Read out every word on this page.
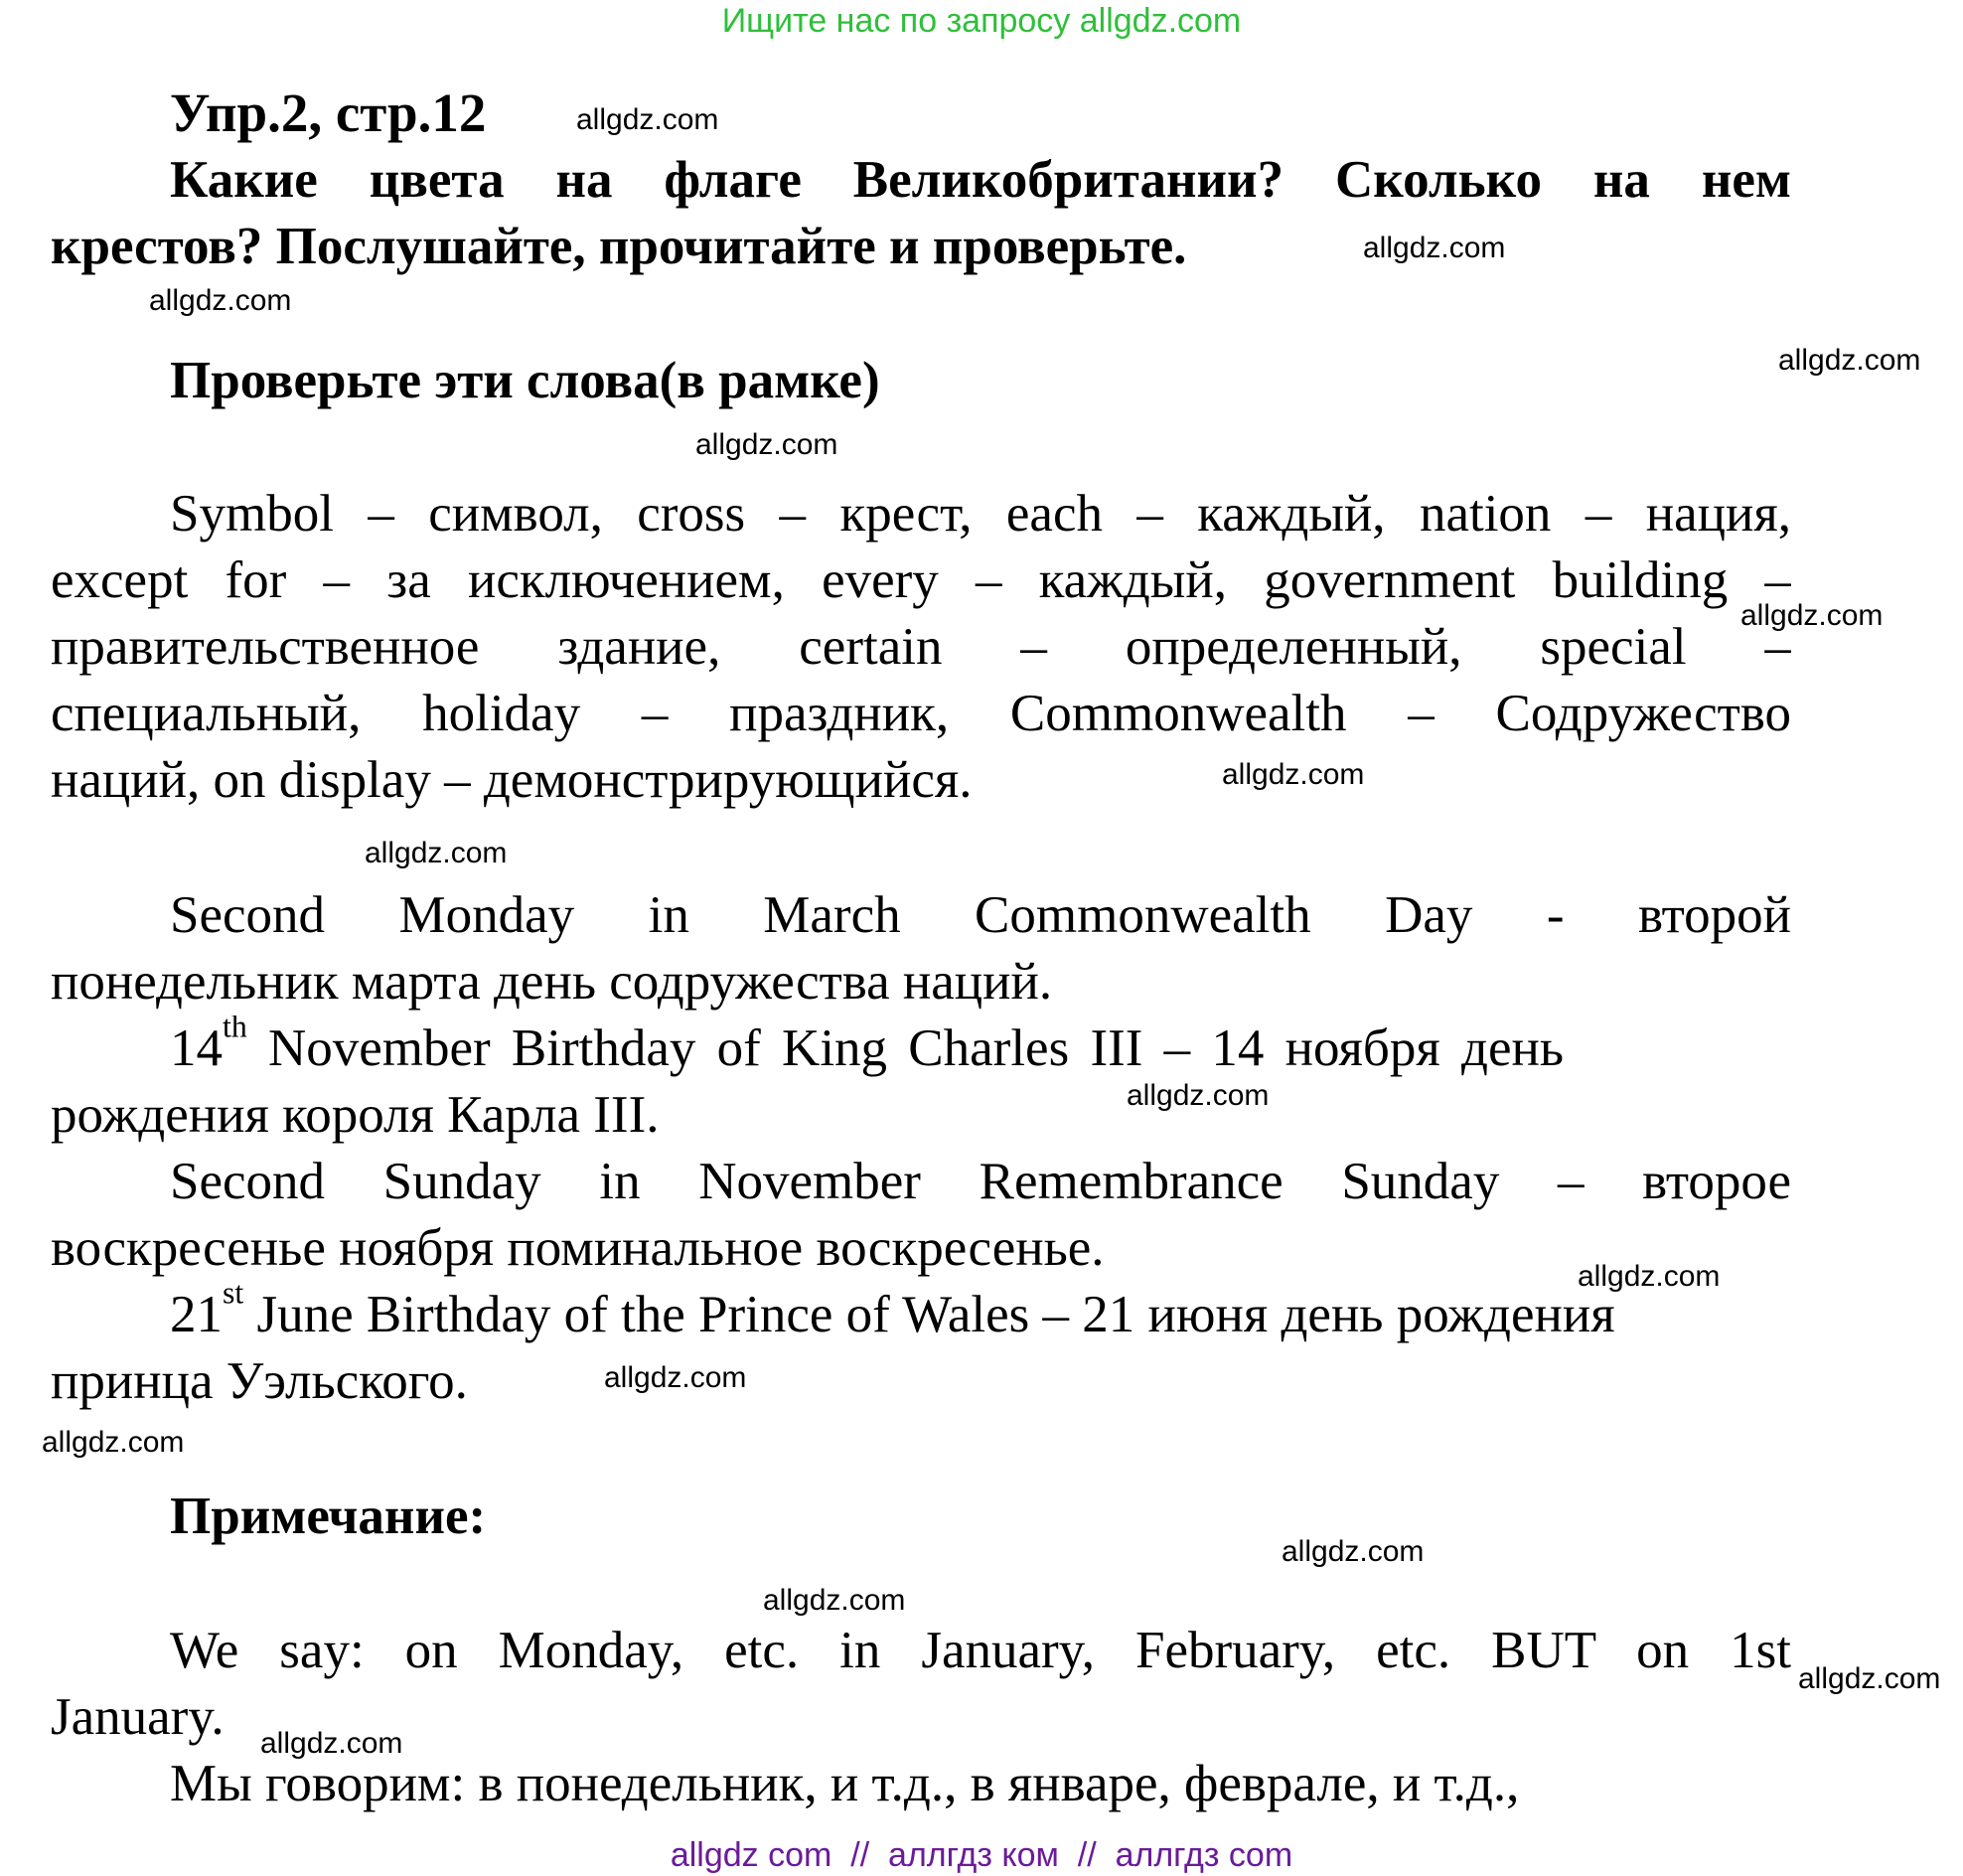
Ищите нас по запросу allgdz.com
Упр.2, стр.12
Какие цвета на флаге Великобритании? Сколько на нем
крестов? Послушайте, прочитайте и проверьте.
Проверьте эти слова(в рамке)
Symbol – символ, cross – крест, each – каждый, nation – нация,
except for – за исключением, every – каждый, government building –
правительственное здание, certain – определенный, special –
специальный, holiday – праздник, Commonwealth – Содружество
наций, on display – демонстрирующийся.
Second Monday in March Commonwealth Day - второй
понедельник марта день содружества наций.
14th November Birthday of King Charles III – 14 ноября день
рождения короля Карла III.
Second Sunday in November Remembrance Sunday – второе
воскресенье ноября поминальное воскресенье.
21st June Birthday of the Prince of Wales – 21 июня день рождения
принца Уэльского.
Примечание:
We say: on Monday, etc. in January, February, etc. BUT on 1st
January.
Мы говорим: в понедельник, и т.д., в январе, феврале, и т.д.,
allgdz.com
allgdz.com
allgdz.com
allgdz.com
allgdz.com
allgdz.com
allgdz.com
allgdz.com
allgdz.com
allgdz.com
allgdz.com
allgdz.com
allgdz.com
allgdz.com
allgdz.com
allgdz.com
allgdz com  //  аллгдз ком  //  аллгдз com
